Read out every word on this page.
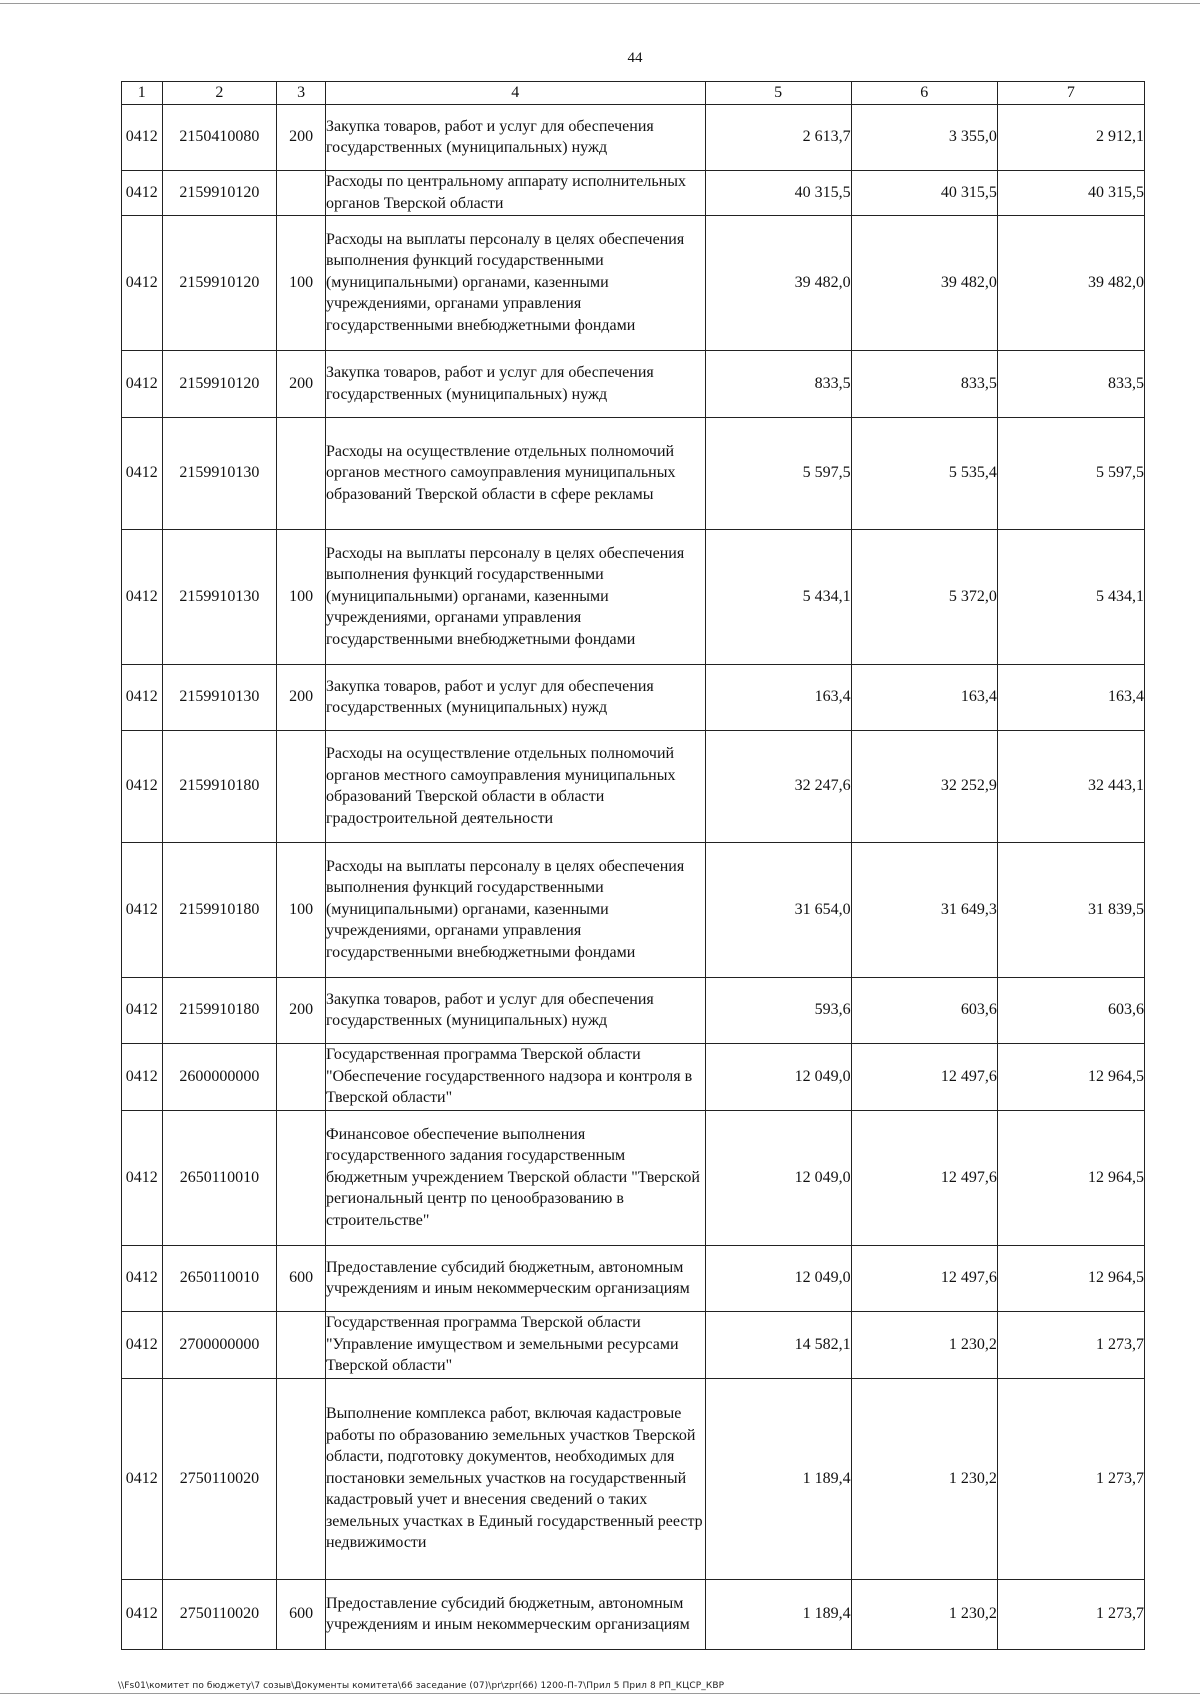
44
1	2	3	4	5	6	7
0412	2150410080	200	Закупка товаров, работ и услуг для обеспечения государственных (муниципальных) нужд	2 613,7	3 355,0	2 912,1
0412	2159910120		Расходы по центральному аппарату исполнительных органов Тверской области	40 315,5	40 315,5	40 315,5
0412	2159910120	100	Расходы на выплаты персоналу в целях обеспечения выполнения функций государственными (муниципальными) органами, казенными учреждениями, органами управления государственными внебюджетными фондами	39 482,0	39 482,0	39 482,0
0412	2159910120	200	Закупка товаров, работ и услуг для обеспечения государственных (муниципальных) нужд	833,5	833,5	833,5
0412	2159910130		Расходы на осуществление отдельных полномочий органов местного самоуправления муниципальных образований Тверской области в сфере рекламы	5 597,5	5 535,4	5 597,5
0412	2159910130	100	Расходы на выплаты персоналу в целях обеспечения выполнения функций государственными (муниципальными) органами, казенными учреждениями, органами управления государственными внебюджетными фондами	5 434,1	5 372,0	5 434,1
0412	2159910130	200	Закупка товаров, работ и услуг для обеспечения государственных (муниципальных) нужд	163,4	163,4	163,4
0412	2159910180		Расходы на осуществление отдельных полномочий органов местного самоуправления муниципальных образований Тверской области в области градостроительной деятельности	32 247,6	32 252,9	32 443,1
0412	2159910180	100	Расходы на выплаты персоналу в целях обеспечения выполнения функций государственными (муниципальными) органами, казенными учреждениями, органами управления государственными внебюджетными фондами	31 654,0	31 649,3	31 839,5
0412	2159910180	200	Закупка товаров, работ и услуг для обеспечения государственных (муниципальных) нужд	593,6	603,6	603,6
0412	2600000000		Государственная программа Тверской области "Обеспечение государственного надзора и контроля в Тверской области"	12 049,0	12 497,6	12 964,5
0412	2650110010		Финансовое обеспечение выполнения государственного задания государственным бюджетным учреждением Тверской области "Тверской региональный центр по ценообразованию в строительстве"	12 049,0	12 497,6	12 964,5
0412	2650110010	600	Предоставление субсидий бюджетным, автономным учреждениям и иным некоммерческим организациям	12 049,0	12 497,6	12 964,5
0412	2700000000		Государственная программа Тверской области "Управление имуществом и земельными ресурсами Тверской области"	14 582,1	1 230,2	1 273,7
0412	2750110020		Выполнение комплекса работ, включая кадастровые работы по образованию земельных участков Тверской области, подготовку документов, необходимых для постановки земельных участков на государственный кадастровый учет и внесения сведений о таких земельных участках в Единый государственный реестр недвижимости	1 189,4	1 230,2	1 273,7
0412	2750110020	600	Предоставление субсидий бюджетным, автономным учреждениям и иным некоммерческим организациям	1 189,4	1 230,2	1 273,7
\\Fs01\комитет по бюджету\7 созыв\Документы комитета\66 заседание (07)\pr\zpr(66) 1200-П-7\Прил 5 Прил 8 РП_КЦСР_КВР
